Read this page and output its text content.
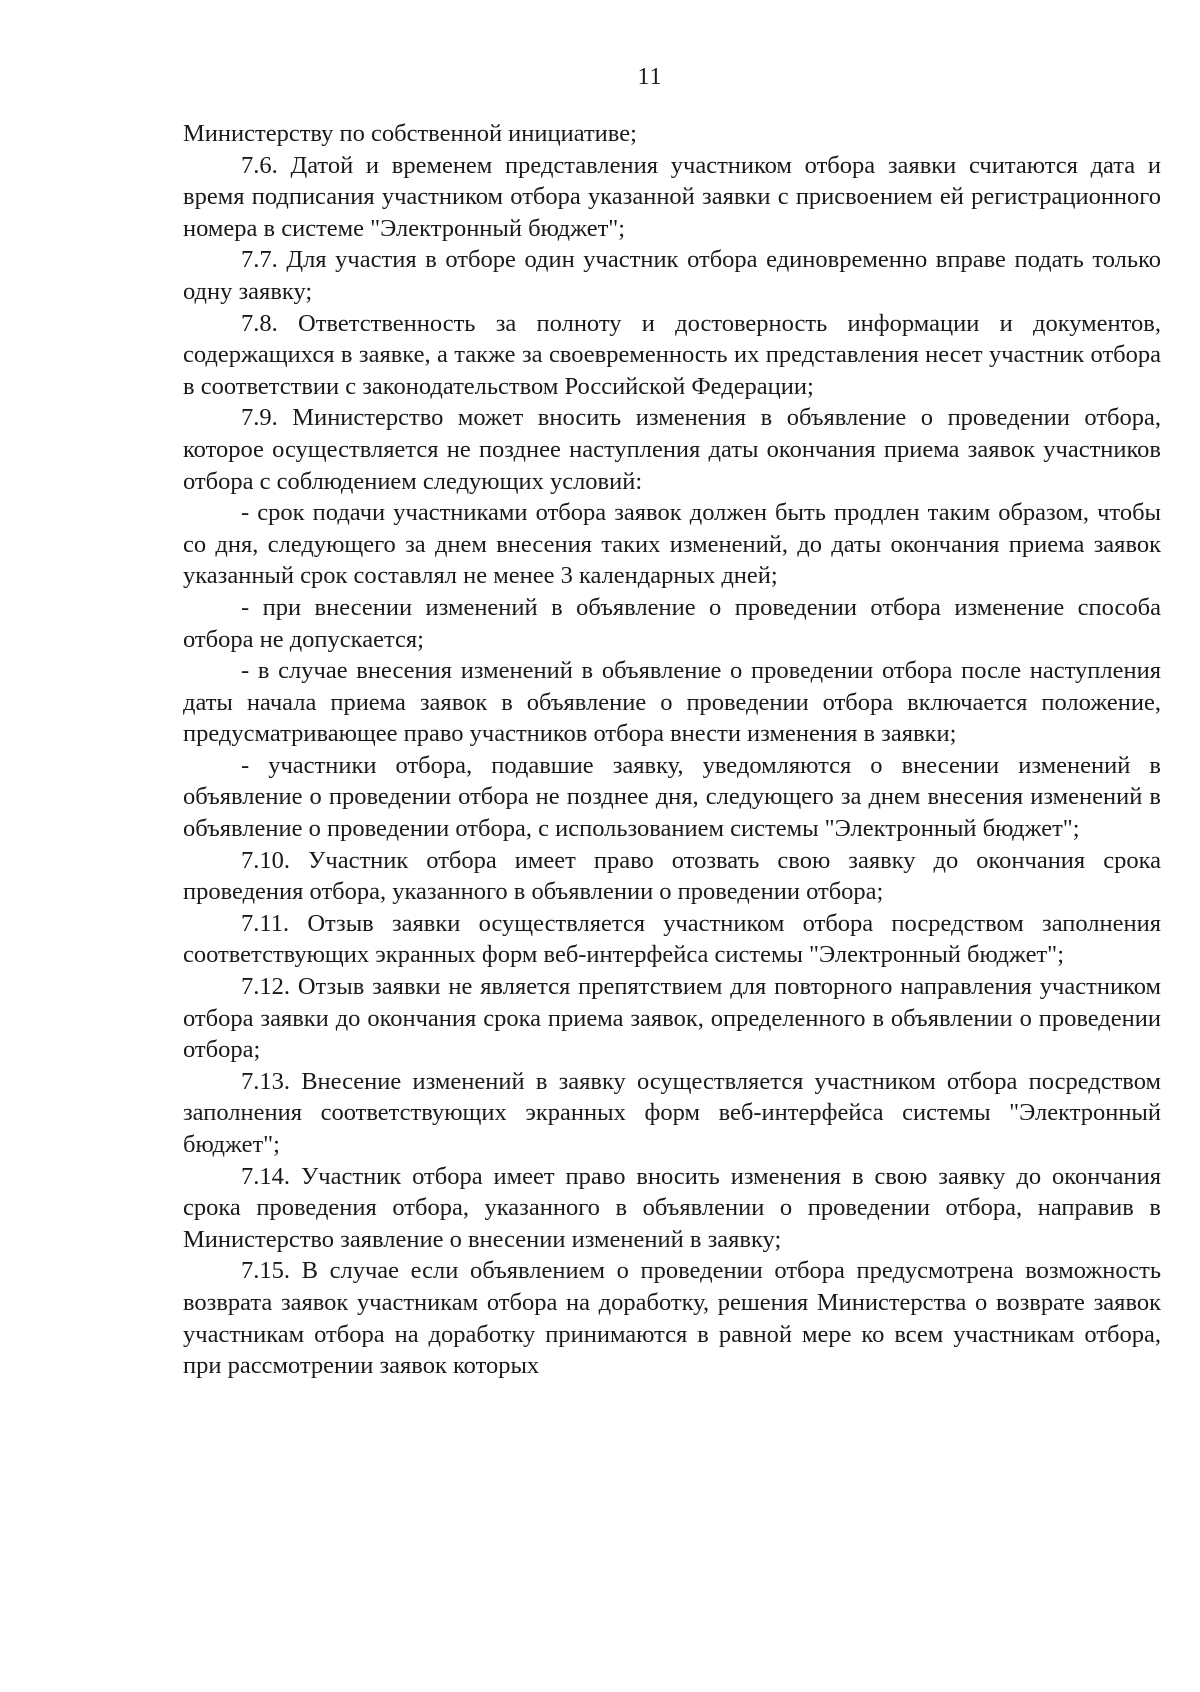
11

Министерству по собственной инициативе;

7.6. Датой и временем представления участником отбора заявки считаются дата и время подписания участником отбора указанной заявки с присвоением ей регистрационного номера в системе "Электронный бюджет";

7.7. Для участия в отборе один участник отбора единовременно вправе подать только одну заявку;

7.8. Ответственность за полноту и достоверность информации и документов, содержащихся в заявке, а также за своевременность их представления несет участник отбора в соответствии с законодательством Российской Федерации;

7.9. Министерство может вносить изменения в объявление о проведении отбора, которое осуществляется не позднее наступления даты окончания приема заявок участников отбора с соблюдением следующих условий:

- срок подачи участниками отбора заявок должен быть продлен таким образом, чтобы со дня, следующего за днем внесения таких изменений, до даты окончания приема заявок указанный срок составлял не менее 3 календарных дней;

- при внесении изменений в объявление о проведении отбора изменение способа отбора не допускается;

- в случае внесения изменений в объявление о проведении отбора после наступления даты начала приема заявок в объявление о проведении отбора включается положение, предусматривающее право участников отбора внести изменения в заявки;

- участники отбора, подавшие заявку, уведомляются о внесении изменений в объявление о проведении отбора не позднее дня, следующего за днем внесения изменений в объявление о проведении отбора, с использованием системы "Электронный бюджет";

7.10. Участник отбора имеет право отозвать свою заявку до окончания срока проведения отбора, указанного в объявлении о проведении отбора;

7.11. Отзыв заявки осуществляется участником отбора посредством заполнения соответствующих экранных форм веб-интерфейса системы "Электронный бюджет";

7.12. Отзыв заявки не является препятствием для повторного направления участником отбора заявки до окончания срока приема заявок, определенного в объявлении о проведении отбора;

7.13. Внесение изменений в заявку осуществляется участником отбора посредством заполнения соответствующих экранных форм веб-интерфейса системы "Электронный бюджет";

7.14. Участник отбора имеет право вносить изменения в свою заявку до окончания срока проведения отбора, указанного в объявлении о проведении отбора, направив в Министерство заявление о внесении изменений в заявку;

7.15. В случае если объявлением о проведении отбора предусмотрена возможность возврата заявок участникам отбора на доработку, решения Министерства о возврате заявок участникам отбора на доработку принимаются в равной мере ко всем участникам отбора, при рассмотрении заявок которых
